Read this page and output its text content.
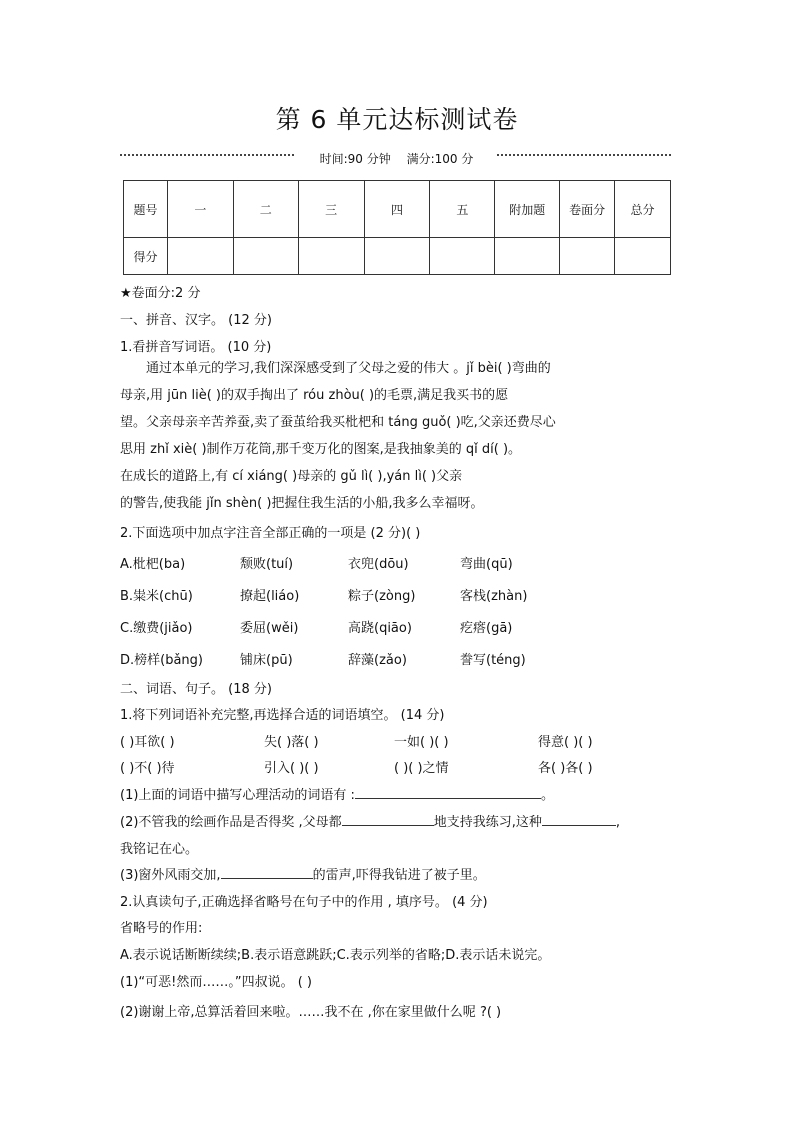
第 6 单元达标测试卷
时间:90 分钟 满分:100 分
题号	一	二	三	四	五	附加题	卷面分	总分
得分								
★卷面分:2 分
一、拼音、汉字。 (12 分)
1.看拼音写词语。 (10 分)
通过本单元的学习,我们深深感受到了父母之爱的伟大 。jǐ bèi( )弯曲的
母亲,用 jūn liè( )的双手掏出了 róu zhòu( )的毛票,满足我买书的愿
望。父亲母亲辛苦养蚕,卖了蚕茧给我买枇杷和 táng guǒ( )吃,父亲还费尽心
思用 zhǐ xiè( )制作万花筒,那千变万化的图案,是我抽象美的 qǐ dí( )。
在成长的道路上,有 cí xiáng( )母亲的 gǔ lì( ),yán lì( )父亲
的警告,使我能 jǐn shèn( )把握住我生活的小船,我多么幸福呀。
2.下面选项中加点字注音全部正确的一项是 (2 分)( )
A.枇杷(ba)	颓败(tuí)	衣兜(dōu)	弯曲(qū)
B.粜米(chū)	撩起(liáo)	粽子(zòng)	客栈(zhàn)
C.缴费(jiǎo)	委屈(wěi)	高跷(qiāo)	疙瘩(gā)
D.榜样(bǎng)	铺床(pū)	辞藻(zǎo)	誊写(téng)
二、词语、句子。 (18 分)
1.将下列词语补充完整,再选择合适的词语填空。 (14 分)
( )耳欲( )	失( )落( )	一如( )( )	得意( )( )
( )不( )待	引入( )( )	( )( )之情	各( )各( )
(1)上面的词语中描写心理活动的词语有 :	。
(2)不管我的绘画作品是否得奖 ,父母都	地支持我练习,这种	,
我铭记在心。
(3)窗外风雨交加,	的雷声,吓得我钻进了被子里。
2.认真读句子,正确选择省略号在句子中的作用 , 填序号。 (4 分)
省略号的作用:
A.表示说话断断续续;B.表示语意跳跃;C.表示列举的省略;D.表示话未说完。
(1)“可恶!然而……。”四叔说。 ( )
(2)谢谢上帝,总算活着回来啦。……我不在 ,你在家里做什么呢 ?( )
